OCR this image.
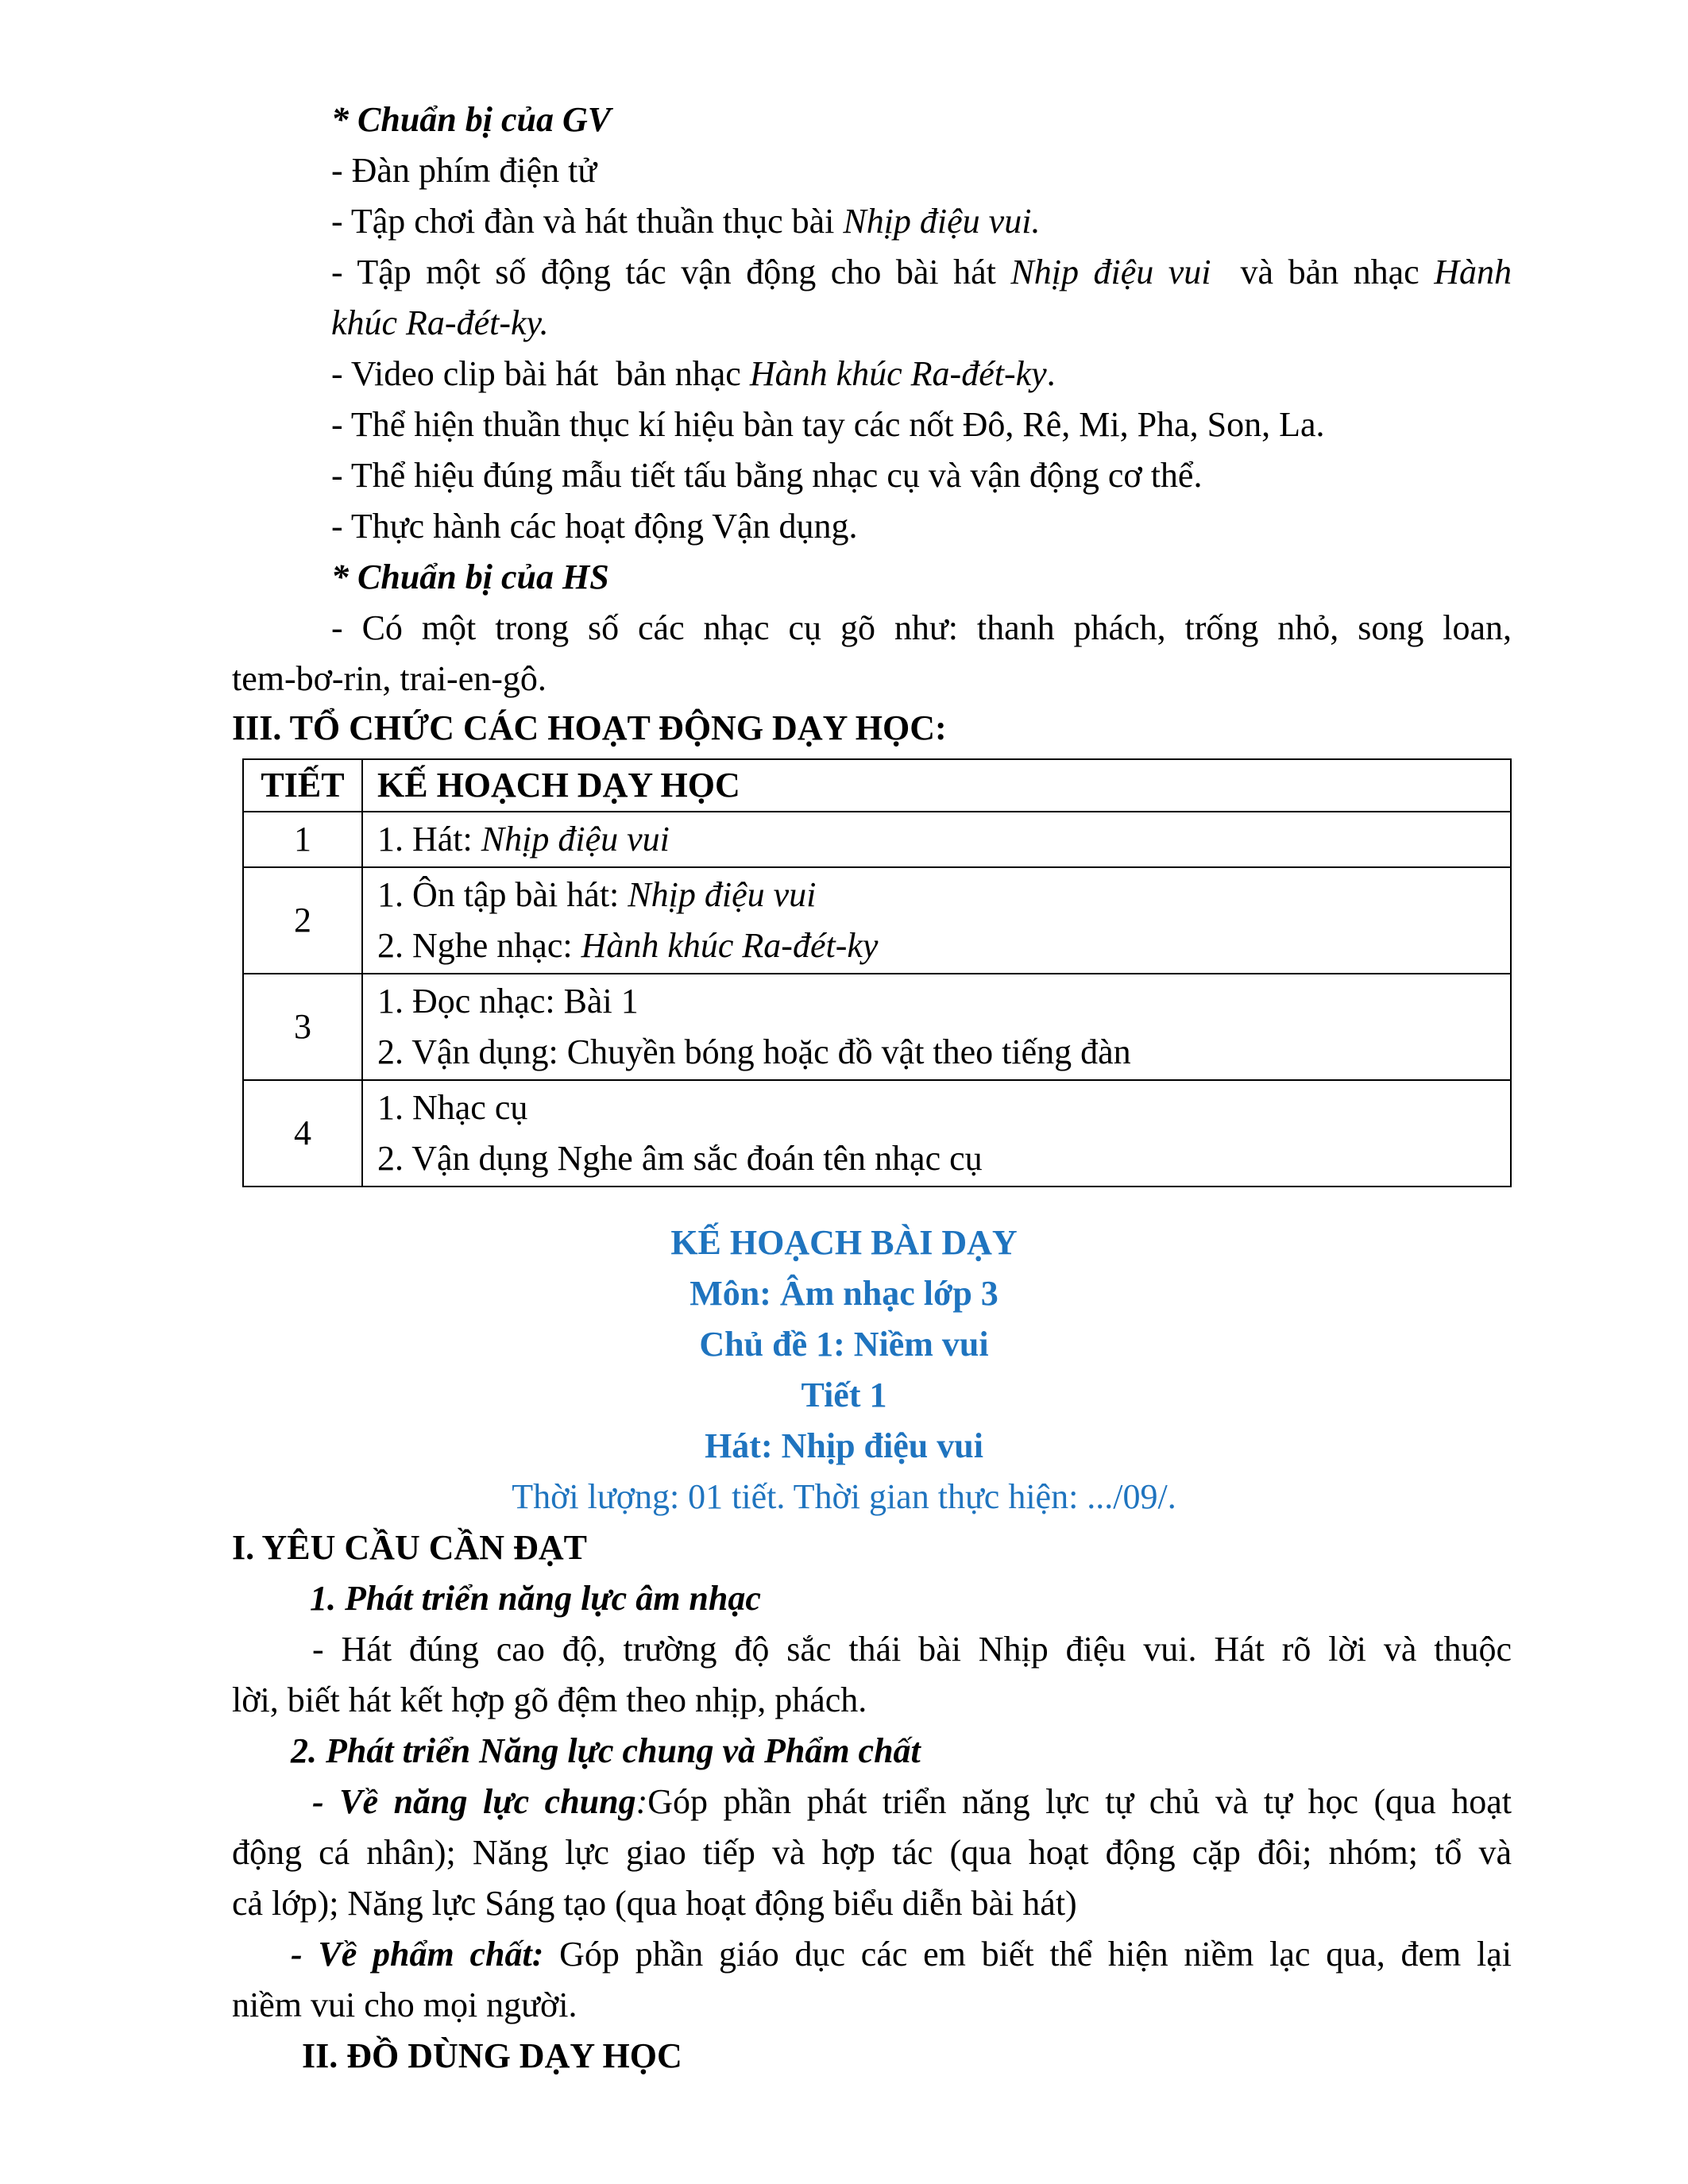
* Chuẩn bị của GV
- Đàn phím điện tử
- Tập chơi đàn và hát thuần thục bài Nhịp điệu vui.
- Tập một số động tác vận động cho bài hát Nhịp điệu vui  và bản nhạc Hành
khúc Ra-đét-ky.
- Video clip bài hát  bản nhạc Hành khúc Ra-đét-ky.
- Thể hiện thuần thục kí hiệu bàn tay các nốt Đô, Rê, Mi, Pha, Son, La.
- Thể hiệu đúng mẫu tiết tấu bằng nhạc cụ và vận động cơ thể.
- Thực hành các hoạt động Vận dụng.
* Chuẩn bị của HS
- Có một trong số các nhạc cụ gõ như: thanh phách, trống nhỏ, song loan,
tem-bơ-rin, trai-en-gô.
III. TỔ CHỨC CÁC HOẠT ĐỘNG DẠY HỌC:
TIẾT	KẾ HOẠCH DẠY HỌC
1	1. Hát: Nhịp điệu vui

2	1. Ôn tập bài hát: Nhịp điệu vui
2. Nghe nhạc: Hành khúc Ra-đét-ky

3	1. Đọc nhạc: Bài 1
2. Vận dụng: Chuyền bóng hoặc đồ vật theo tiếng đàn

4	1. Nhạc cụ
2. Vận dụng Nghe âm sắc đoán tên nhạc cụ
KẾ HOẠCH BÀI DẠY
Môn: Âm nhạc lớp 3
Chủ đề 1: Niềm vui
Tiết 1
Hát: Nhịp điệu vui
Thời lượng: 01 tiết. Thời gian thực hiện: .../09/.
I. YÊU CẦU CẦN ĐẠT
1. Phát triển năng lực âm nhạc
- Hát đúng cao độ, trường độ sắc thái bài Nhịp điệu vui. Hát rõ lời và thuộc
lời, biết hát kết hợp gõ đệm theo nhịp, phách.
2. Phát triển Năng lực chung và Phẩm chất
- Về năng lực chung:Góp phần phát triển năng lực tự chủ và tự học (qua hoạt
động cá nhân); Năng lực giao tiếp và hợp tác (qua hoạt động cặp đôi; nhóm; tổ và
cả lớp); Năng lực Sáng tạo (qua hoạt động biểu diễn bài hát)
- Về phẩm chất: Góp phần giáo dục các em biết thể hiện niềm lạc qua, đem lại
niềm vui cho mọi người.
II. ĐỒ DÙNG DẠY HỌC
